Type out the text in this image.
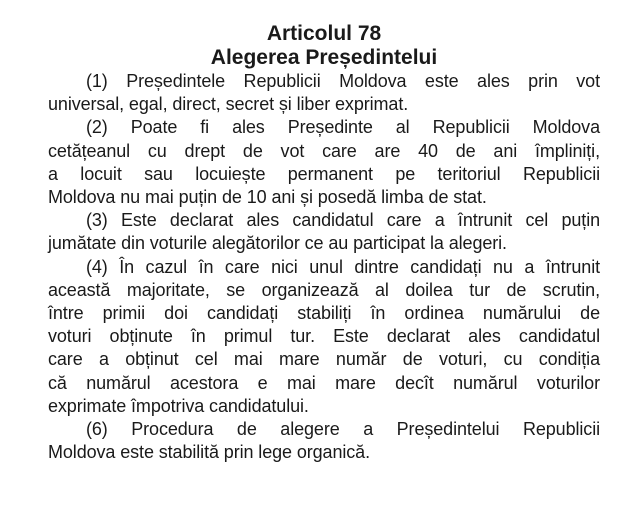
Articolul 78
Alegerea Președintelui

(1) Președintele Republicii Moldova este ales prin vot
universal, egal, direct, secret și liber exprimat.

(2) Poate fi ales Președinte al Republicii Moldova
cetățeanul cu drept de vot care are 40 de ani împliniți,
a locuit sau locuiește permanent pe teritoriul Republicii
Moldova nu mai puțin de 10 ani și posedă limba de stat.

(3) Este declarat ales candidatul care a întrunit cel puțin
jumătate din voturile alegătorilor ce au participat la alegeri.

(4) În cazul în care nici unul dintre candidați nu a întrunit
această majoritate, se organizează al doilea tur de scrutin,
între primii doi candidați stabiliți în ordinea numărului de
voturi obținute în primul tur. Este declarat ales candidatul
care a obținut cel mai mare număr de voturi, cu condiția
că numărul acestora e mai mare decît numărul voturilor
exprimate împotriva candidatului.

(6) Procedura de alegere a Președintelui Republicii
Moldova este stabilită prin lege organică.
